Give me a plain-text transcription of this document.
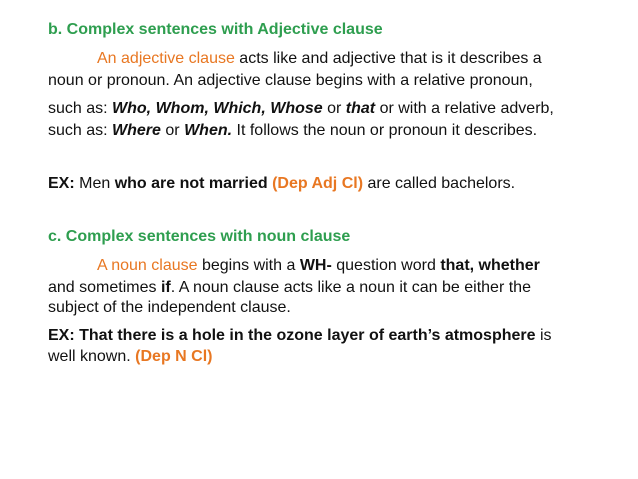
b. Complex sentences with Adjective clause
An adjective clause acts like and adjective that is it describes a
noun or pronoun. An adjective clause begins with a relative pronoun,
such as: Who, Whom, Which, Whose or that or with a relative adverb,
such as: Where or When. It follows the noun or pronoun it describes.
EX: Men who are not married (Dep Adj Cl) are called bachelors.
c. Complex sentences with noun clause
A noun clause begins with a WH- question word that, whether
and sometimes if. A noun clause acts like a noun it can be either the
subject of the independent clause.
EX: That there is a hole in the ozone layer of earth’s atmosphere is
well known. (Dep N Cl)
